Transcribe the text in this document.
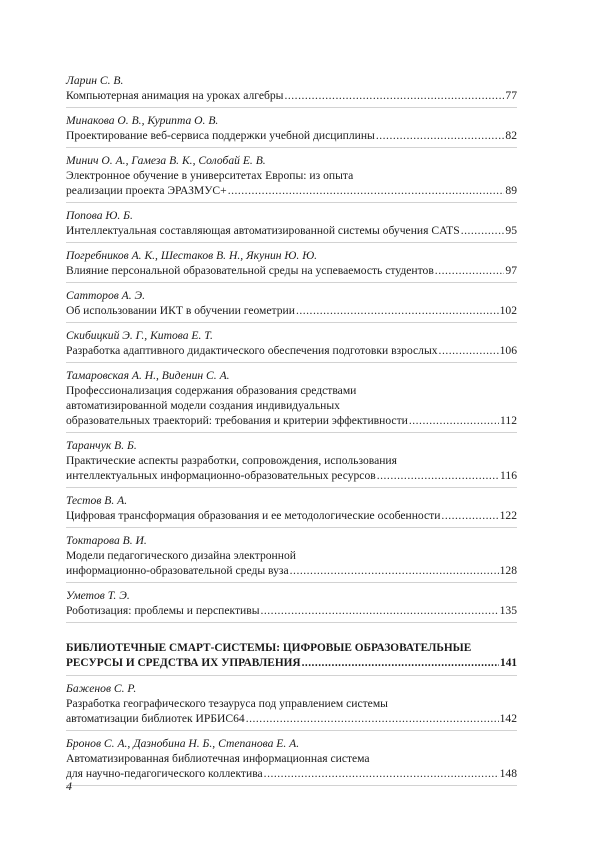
Ларин С. В.
Компьютерная анимация на уроках алгебры .....	77
Минакова О. В., Курипта О. В.
Проектирование веб-сервиса поддержки учебной дисциплины .....	82
Минич О. А., Гамеза В. К., Солобай Е. В.
Электронное обучение в университетах Европы: из опыта
реализации проекта ЭРАЗМУС+ .....	89
Попова Ю. Б.
Интеллектуальная составляющая автоматизированной системы обучения CATS .....	95
Погребников А. К., Шестаков В. Н., Якунин Ю. Ю.
Влияние персональной образовательной среды на успеваемость студентов .....	97
Сатторов А. Э.
Об использовании ИКТ в обучении геометрии .....	102
Скибицкий Э. Г., Китова Е. Т.
Разработка адаптивного дидактического обеспечения подготовки взрослых .....	106
Тамаровская А. Н., Виденин С. А.
Профессионализация содержания образования средствами
автоматизированной модели создания индивидуальных
образовательных траекторий: требования и критерии эффективности .....	112
Таранчук В. Б.
Практические аспекты разработки, сопровождения, использования
интеллектуальных информационно-образовательных ресурсов .....	116
Тестов В. А.
Цифровая трансформация образования и ее методологические особенности .....	122
Токтарова В. И.
Модели педагогического дизайна электронной
информационно-образовательной среды вуза .....	128
Уметов Т. Э.
Роботизация: проблемы и перспективы .....	135
БИБЛИОТЕЧНЫЕ СМАРТ-СИСТЕМЫ: ЦИФРОВЫЕ ОБРАЗОВАТЕЛЬНЫЕ
РЕСУРСЫ И СРЕДСТВА ИХ УПРАВЛЕНИЯ .....	141
Баженов С. Р.
Разработка географического тезауруса под управлением системы
автоматизации библиотек ИРБИС64 .....	142
Бронов С. А., Дазнобина Н. Б., Степанова Е. А.
Автоматизированная библиотечная информационная система
для научно-педагогического коллектива .....	148
4
